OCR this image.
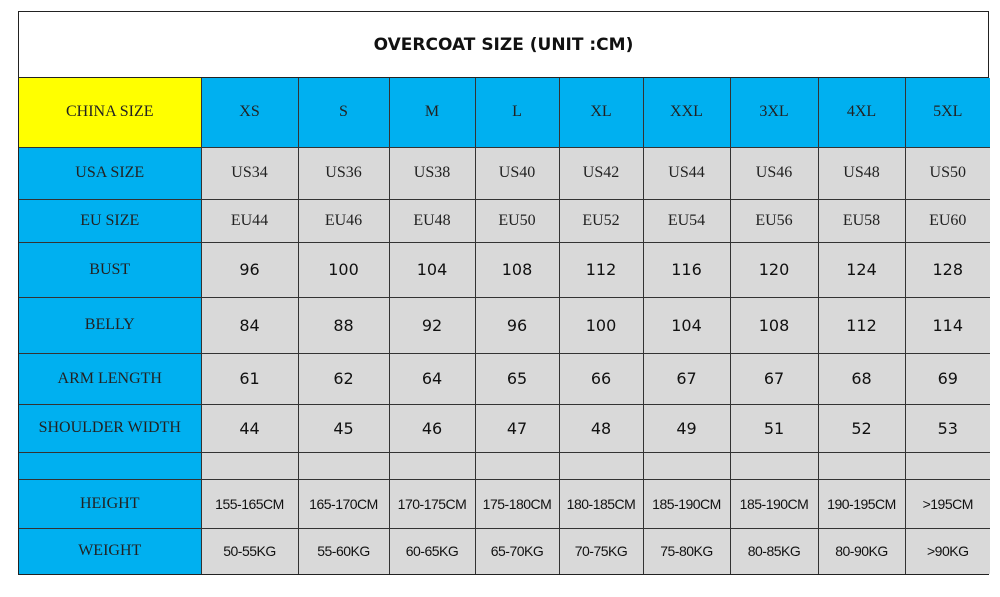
OVERCOAT SIZE (UNIT :CM)
CHINA SIZE	XS	S	M	L	XL	XXL	3XL	4XL	5XL
USA SIZE	US34	US36	US38	US40	US42	US44	US46	US48	US50
EU SIZE	EU44	EU46	EU48	EU50	EU52	EU54	EU56	EU58	EU60
BUST	96	100	104	108	112	116	120	124	128
BELLY	84	88	92	96	100	104	108	112	114
ARM LENGTH	61	62	64	65	66	67	67	68	69
SHOULDER WIDTH	44	45	46	47	48	49	51	52	53

HEIGHT	155-165CM	165-170CM	170-175CM	175-180CM	180-185CM	185-190CM	185-190CM	190-195CM	>195CM
WEIGHT	50-55KG	55-60KG	60-65KG	65-70KG	70-75KG	75-80KG	80-85KG	80-90KG	>90KG
